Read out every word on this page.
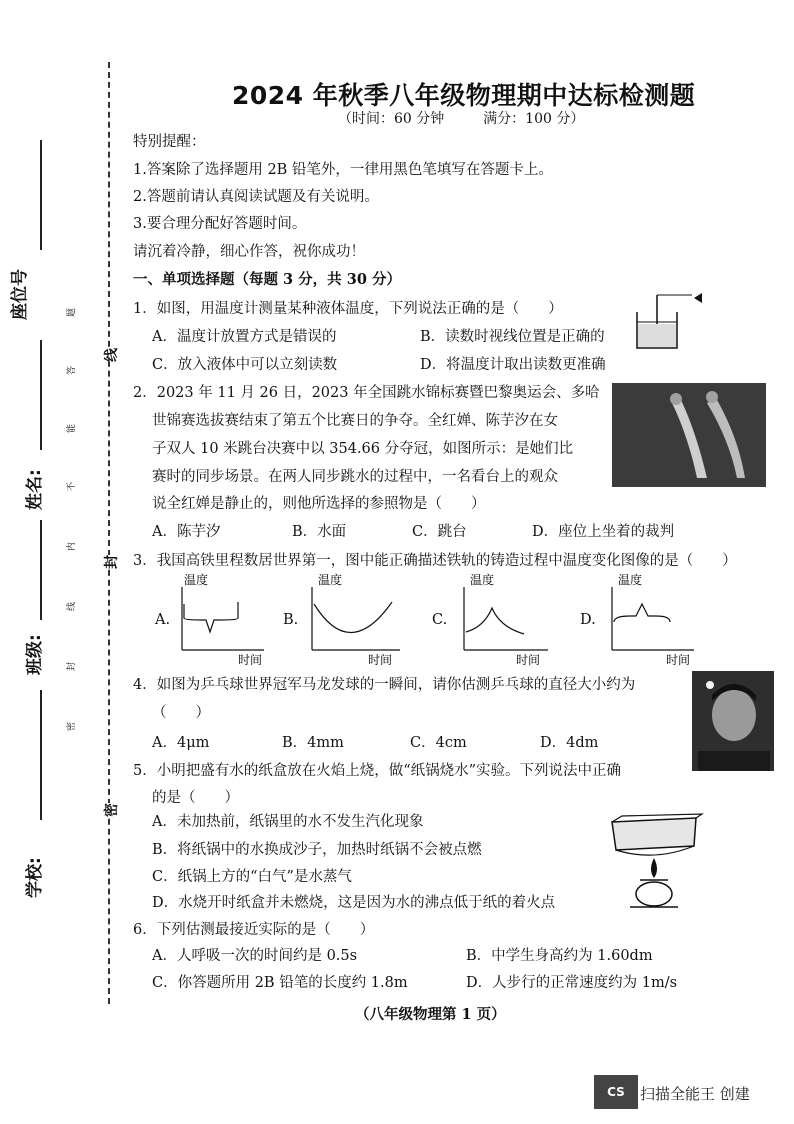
座位号
姓名:
班级:
学校:
题
答
能
不
内
线
封
密
线
封
密
2024 年秋季八年级物理期中达标检测题
（时间：60 分钟	满分：100 分）
特别提醒：
1.答案除了选择题用 2B 铅笔外，一律用黑色笔填写在答题卡上。
2.答题前请认真阅读试题及有关说明。
3.要合理分配好答题时间。
请沉着冷静，细心作答，祝你成功！
一、单项选择题（每题 3 分，共 30 分）
1．如图，用温度计测量某种液体温度，下列说法正确的是（　　）
A．温度计放置方式是错误的	B．读数时视线位置是正确的
C．放入液体中可以立刻读数	D．将温度计取出读数更准确
2．2023 年 11 月 26 日，2023 年全国跳水锦标赛暨巴黎奥运会、多哈
世锦赛选拔赛结束了第五个比赛日的争夺。全红婵、陈芋汐在女
子双人 10 米跳台决赛中以 354.66 分夺冠，如图所示：是她们比
赛时的同步场景。在两人同步跳水的过程中，一名看台上的观众
说全红婵是静止的，则他所选择的参照物是（　　）
A．陈芋汐	B．水面	C．跳台	D．座位上坐着的裁判
3．我国高铁里程数居世界第一，图中能正确描述铁轨的铸造过程中温度变化图像的是（　　）
A.	B.	C.	D.
温度
时间
温度
时间
温度
时间
温度
时间
4．如图为乒乓球世界冠军马龙发球的一瞬间，请你估测乒乓球的直径大小约为
（　　）
A．4μm	B．4mm	C．4cm	D．4dm
5．小明把盛有水的纸盒放在火焰上烧，做“纸锅烧水”实验。下列说法中正确
的是（　　）
A．未加热前，纸锅里的水不发生汽化现象
B．将纸锅中的水换成沙子，加热时纸锅不会被点燃
C．纸锅上方的“白气”是水蒸气
D．水烧开时纸盒并未燃烧，这是因为水的沸点低于纸的着火点
6．下列估测最接近实际的是（　　）
A．人呼吸一次的时间约是 0.5s	B．中学生身高约为 1.60dm
C．你答题所用 2B 铅笔的长度约 1.8m	D．人步行的正常速度约为 1m/s
（八年级物理第 1 页）
CS	扫描全能王 创建
